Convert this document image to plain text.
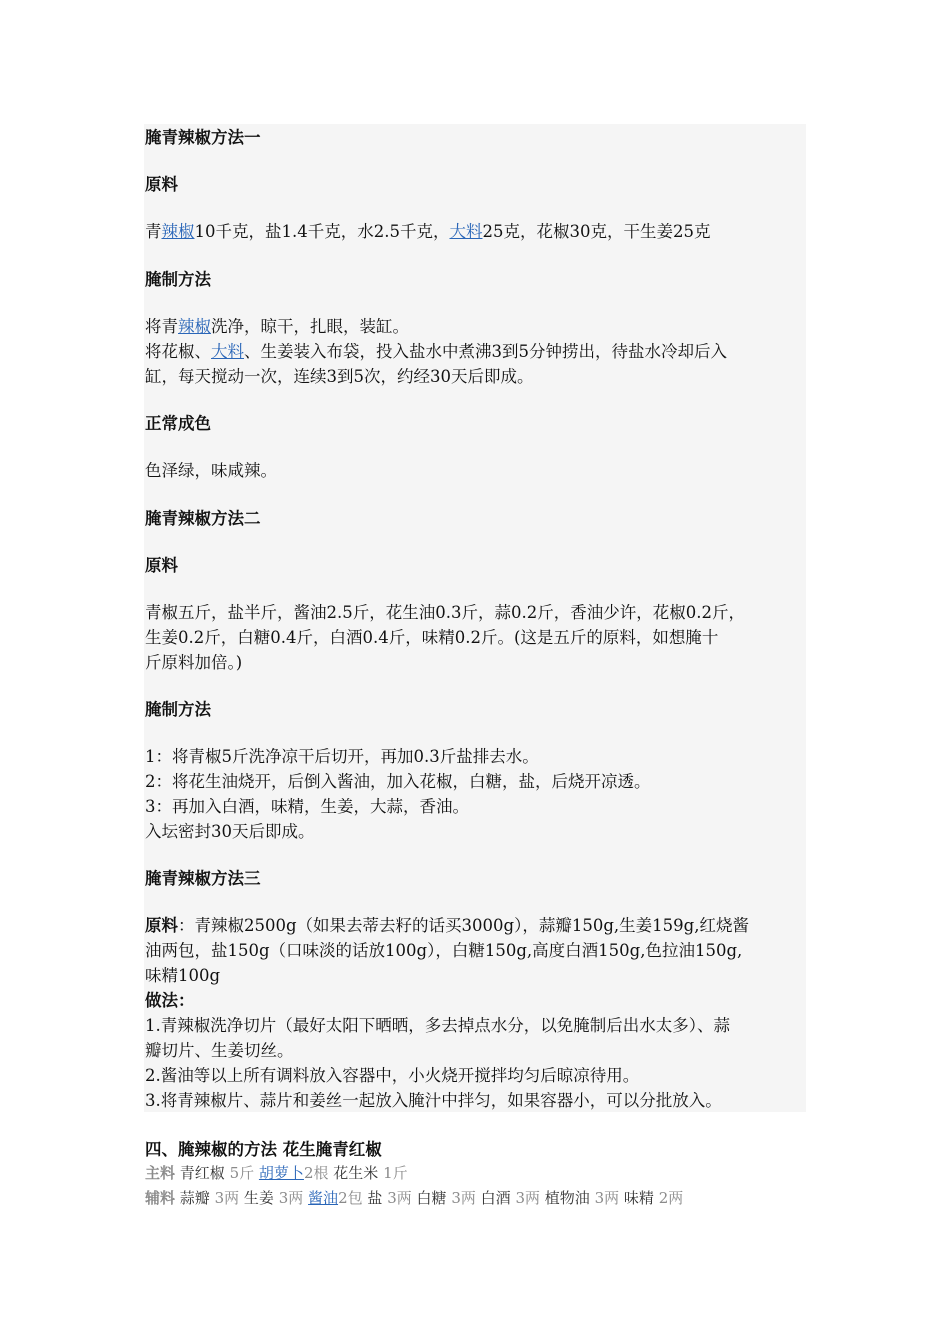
腌青辣椒方法一
原料
青辣椒10千克，盐1.4千克，水2.5千克，大料25克，花椒30克，干生姜25克
腌制方法
将青辣椒洗净，晾干，扎眼，装缸。
将花椒、大料、生姜装入布袋，投入盐水中煮沸3到5分钟捞出，待盐水冷却后入
缸，每天搅动一次，连续3到5次，约经30天后即成。
正常成色
色泽绿，味咸辣。
腌青辣椒方法二
原料
青椒五斤，盐半斤，酱油2.5斤，花生油0.3斤，蒜0.2斤，香油少许，花椒0.2斤，
生姜0.2斤，白糖0.4斤，白酒0.4斤，味精0.2斤。(这是五斤的原料，如想腌十
斤原料加倍。)
腌制方法
1：将青椒5斤洗净凉干后切开，再加0.3斤盐排去水。
2：将花生油烧开，后倒入酱油，加入花椒，白糖，盐，后烧开凉透。
3：再加入白酒，味精，生姜，大蒜，香油。
入坛密封30天后即成。
腌青辣椒方法三
原料：青辣椒2500g（如果去蒂去籽的话买3000g），蒜瓣150g,生姜159g,红烧酱
油两包，盐150g（口味淡的话放100g），白糖150g,高度白酒150g,色拉油150g,
味精100g
做法：
1.青辣椒洗净切片（最好太阳下晒晒，多去掉点水分，以免腌制后出水太多）、蒜
瓣切片、生姜切丝。
2.酱油等以上所有调料放入容器中，小火烧开搅拌均匀后晾凉待用。
3.将青辣椒片、蒜片和姜丝一起放入腌汁中拌匀，如果容器小，可以分批放入。
四、腌辣椒的方法 花生腌青红椒
主料 青红椒 5斤 胡萝卜2根 花生米 1斤
辅料 蒜瓣 3两 生姜 3两 酱油2包 盐 3两 白糖 3两 白酒 3两 植物油 3两 味精 2两
